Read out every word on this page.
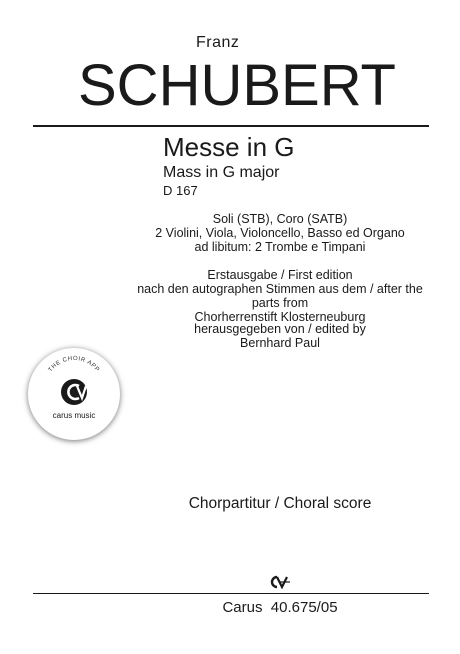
Franz
SCHUBERT
Messe in G
Mass in G major
D 167
Soli (STB), Coro (SATB)
2 Violini, Viola, Violoncello, Basso ed Organo
ad libitum: 2 Trombe e Timpani
Erstausgabe / First edition
nach den autographen Stimmen aus dem / after the parts from
Chorherrenstift Klosterneuburg
herausgegeben von / edited by
Bernhard Paul
THE CHOIR APP
carus music
Chorpartitur / Choral score
Carus  40.675/05
